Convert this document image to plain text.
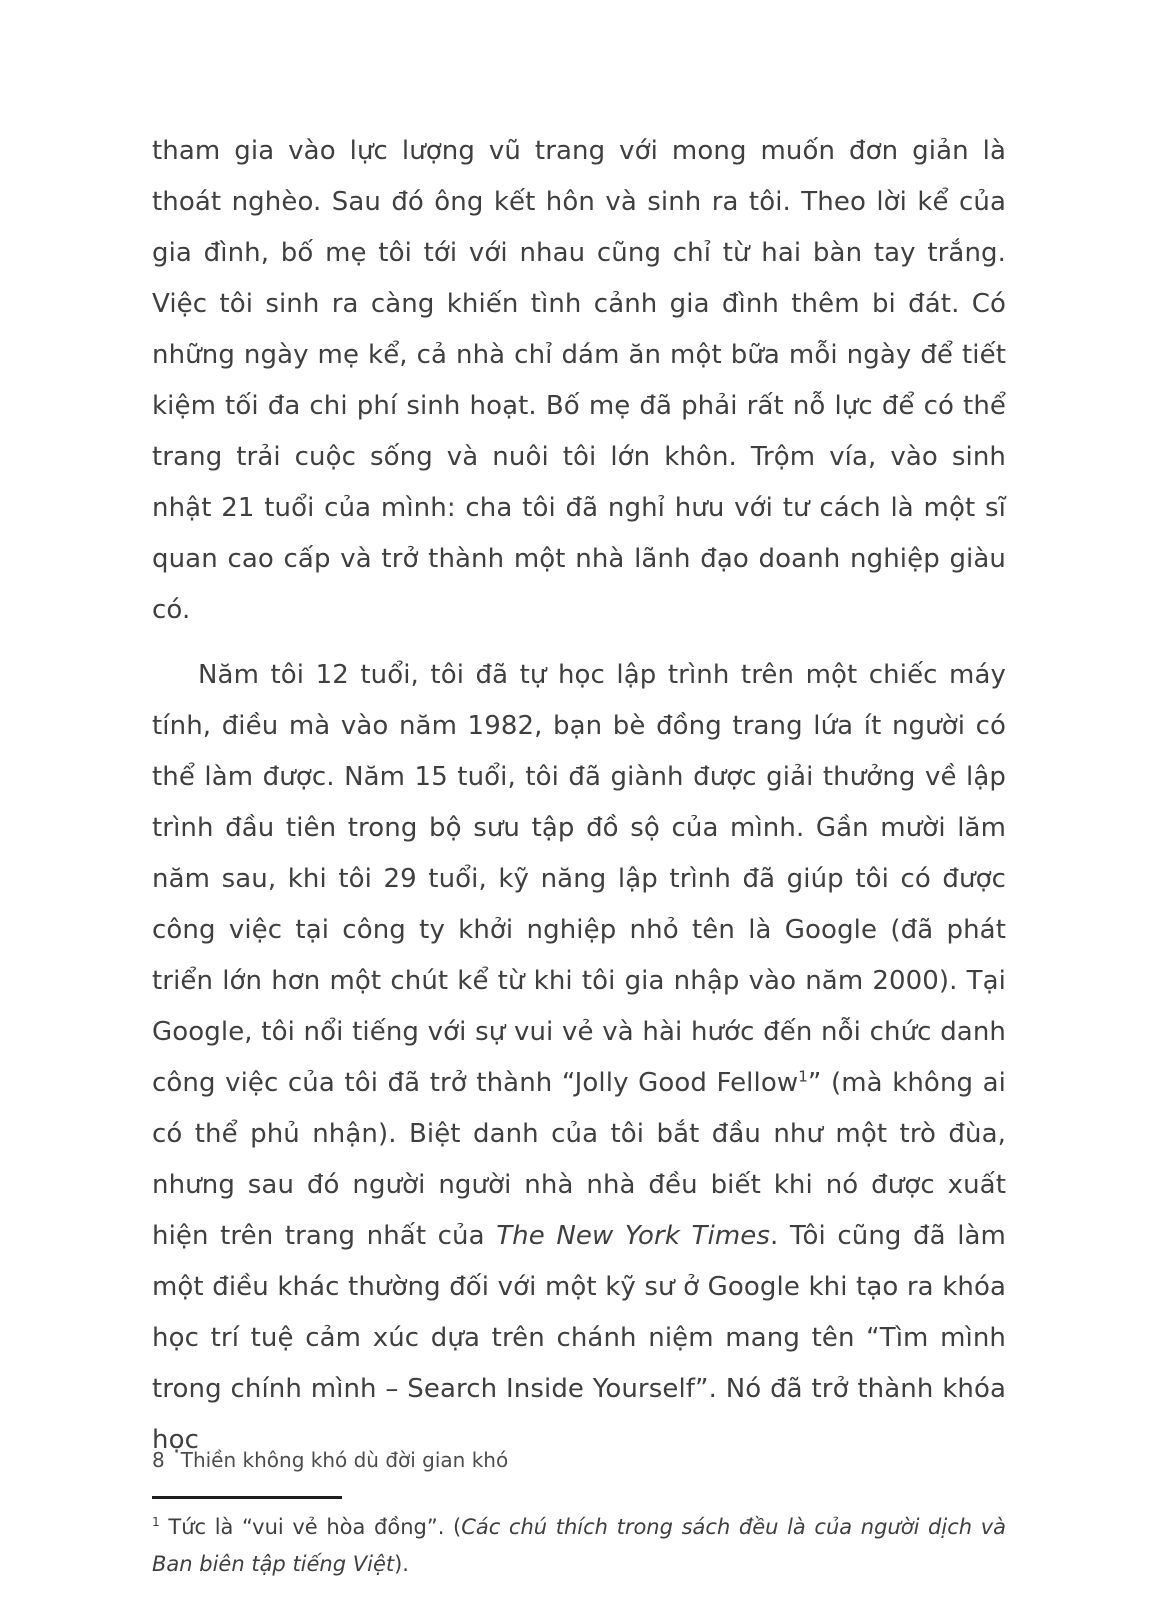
tham gia vào lực lượng vũ trang với mong muốn đơn giản là thoát nghèo. Sau đó ông kết hôn và sinh ra tôi. Theo lời kể của gia đình, bố mẹ tôi tới với nhau cũng chỉ từ hai bàn tay trắng. Việc tôi sinh ra càng khiến tình cảnh gia đình thêm bi đát. Có những ngày mẹ kể, cả nhà chỉ dám ăn một bữa mỗi ngày để tiết kiệm tối đa chi phí sinh hoạt. Bố mẹ đã phải rất nỗ lực để có thể trang trải cuộc sống và nuôi tôi lớn khôn. Trộm vía, vào sinh nhật 21 tuổi của mình: cha tôi đã nghỉ hưu với tư cách là một sĩ quan cao cấp và trở thành một nhà lãnh đạo doanh nghiệp giàu có.

Năm tôi 12 tuổi, tôi đã tự học lập trình trên một chiếc máy tính, điều mà vào năm 1982, bạn bè đồng trang lứa ít người có thể làm được. Năm 15 tuổi, tôi đã giành được giải thưởng về lập trình đầu tiên trong bộ sưu tập đồ sộ của mình. Gần mười lăm năm sau, khi tôi 29 tuổi, kỹ năng lập trình đã giúp tôi có được công việc tại công ty khởi nghiệp nhỏ tên là Google (đã phát triển lớn hơn một chút kể từ khi tôi gia nhập vào năm 2000). Tại Google, tôi nổi tiếng với sự vui vẻ và hài hước đến nỗi chức danh công việc của tôi đã trở thành “Jolly Good Fellow$^1$” (mà không ai có thể phủ nhận). Biệt danh của tôi bắt đầu như một trò đùa, nhưng sau đó người người nhà nhà đều biết khi nó được xuất hiện trên trang nhất của The New York Times. Tôi cũng đã làm một điều khác thường đối với một kỹ sư ở Google khi tạo ra khóa học trí tuệ cảm xúc dựa trên chánh niệm mang tên “Tìm mình trong chính mình – Search Inside Yourself”. Nó đã trở thành khóa học

$^1$ Tức là “vui vẻ hòa đồng”. (Các chú thích trong sách đều là của người dịch và Ban biên tập tiếng Việt).

8 Thiền không khó dù đời gian khó
